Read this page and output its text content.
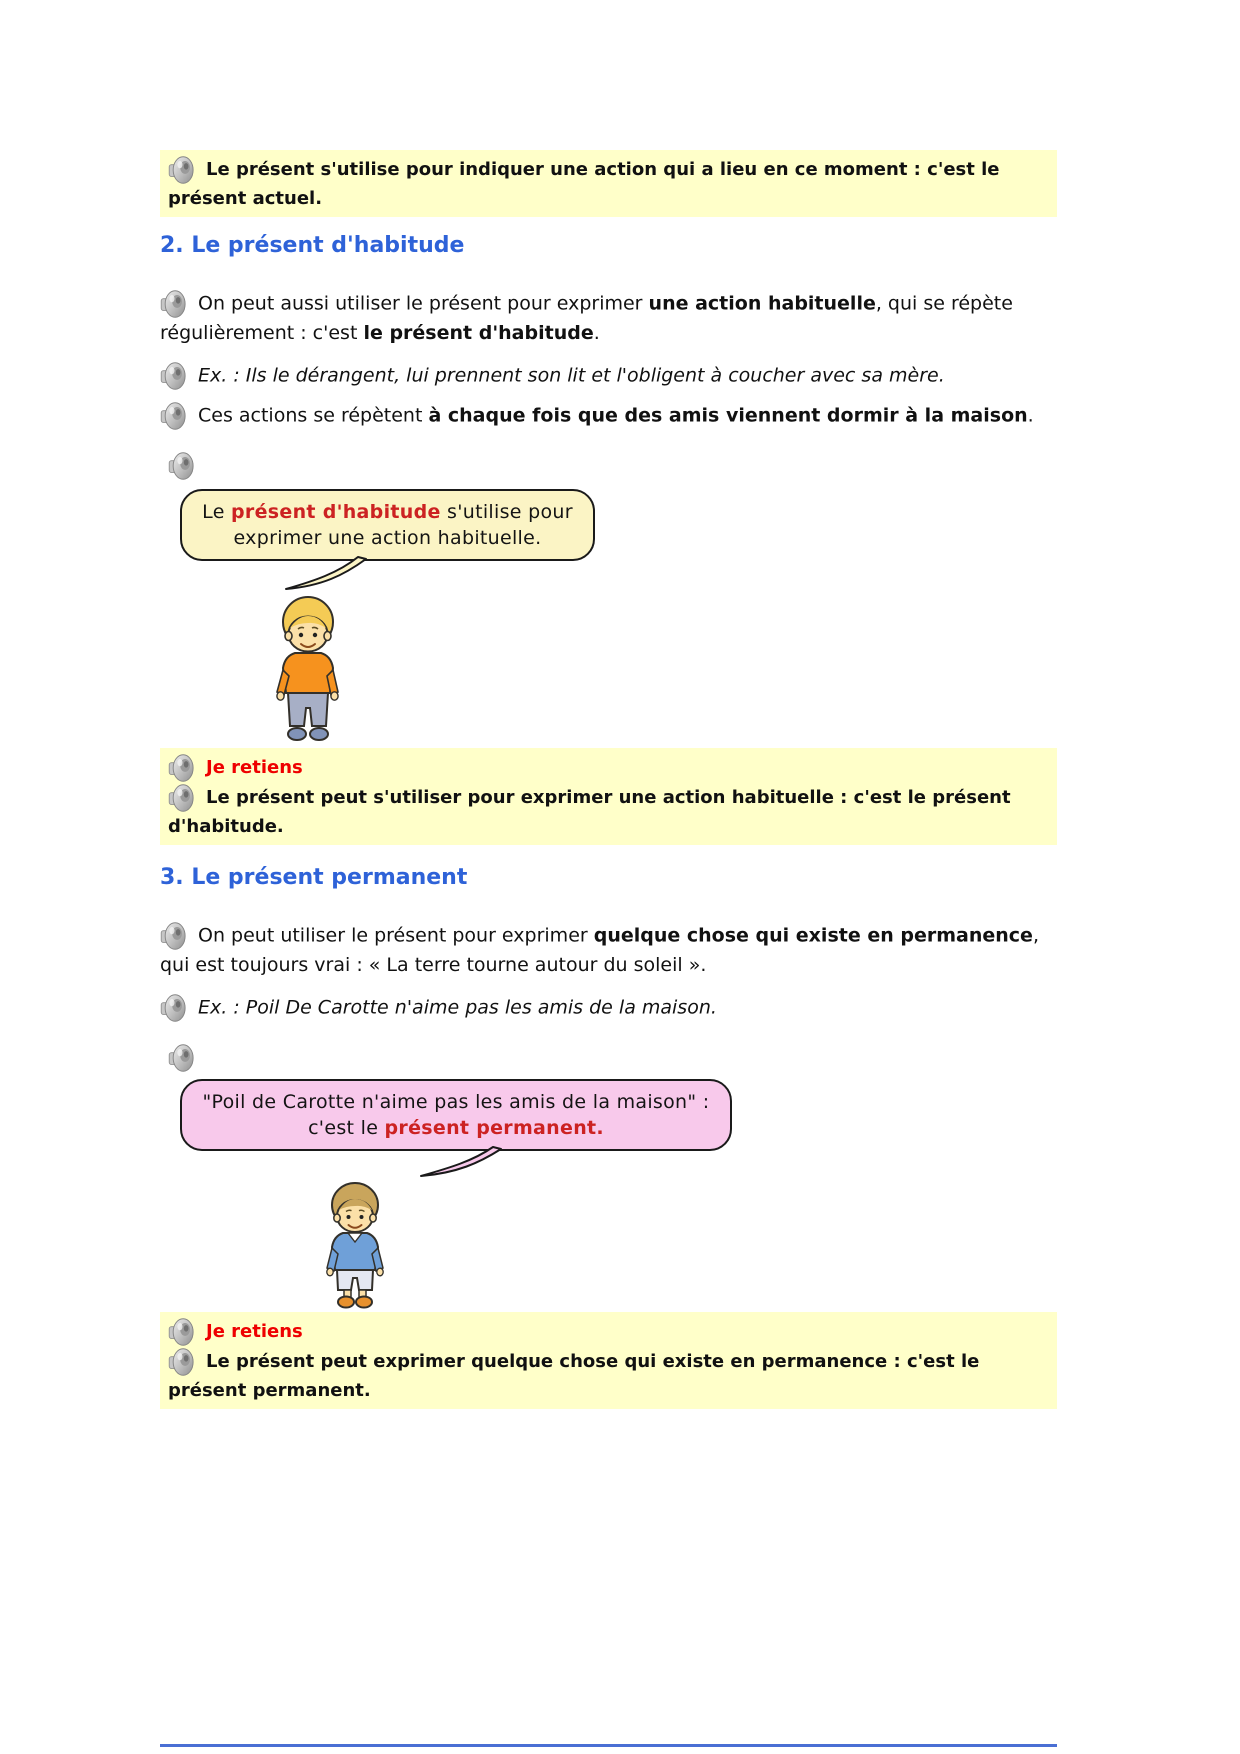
Le présent s'utilise pour indiquer une action qui a lieu en ce moment : c'est le présent actuel.
2. Le présent d'habitude

On peut aussi utiliser le présent pour exprimer une action habituelle, qui se répète régulièrement : c'est le présent d'habitude.

Ex. : Ils le dérangent, lui prennent son lit et l'obligent à coucher avec sa mère.

Ces actions se répètent à chaque fois que des amis viennent dormir à la maison.

Le présent d'habitude s'utilise pour exprimer une action habituelle.
Je retiens
Le présent peut s'utiliser pour exprimer une action habituelle : c'est le présent d'habitude.
3. Le présent permanent

On peut utiliser le présent pour exprimer quelque chose qui existe en permanence, qui est toujours vrai : « La terre tourne autour du soleil ».

Ex. : Poil De Carotte n'aime pas les amis de la maison.

"Poil de Carotte n'aime pas les amis de la maison" : c'est le présent permanent.
Je retiens
Le présent peut exprimer quelque chose qui existe en permanence : c'est le présent permanent.
